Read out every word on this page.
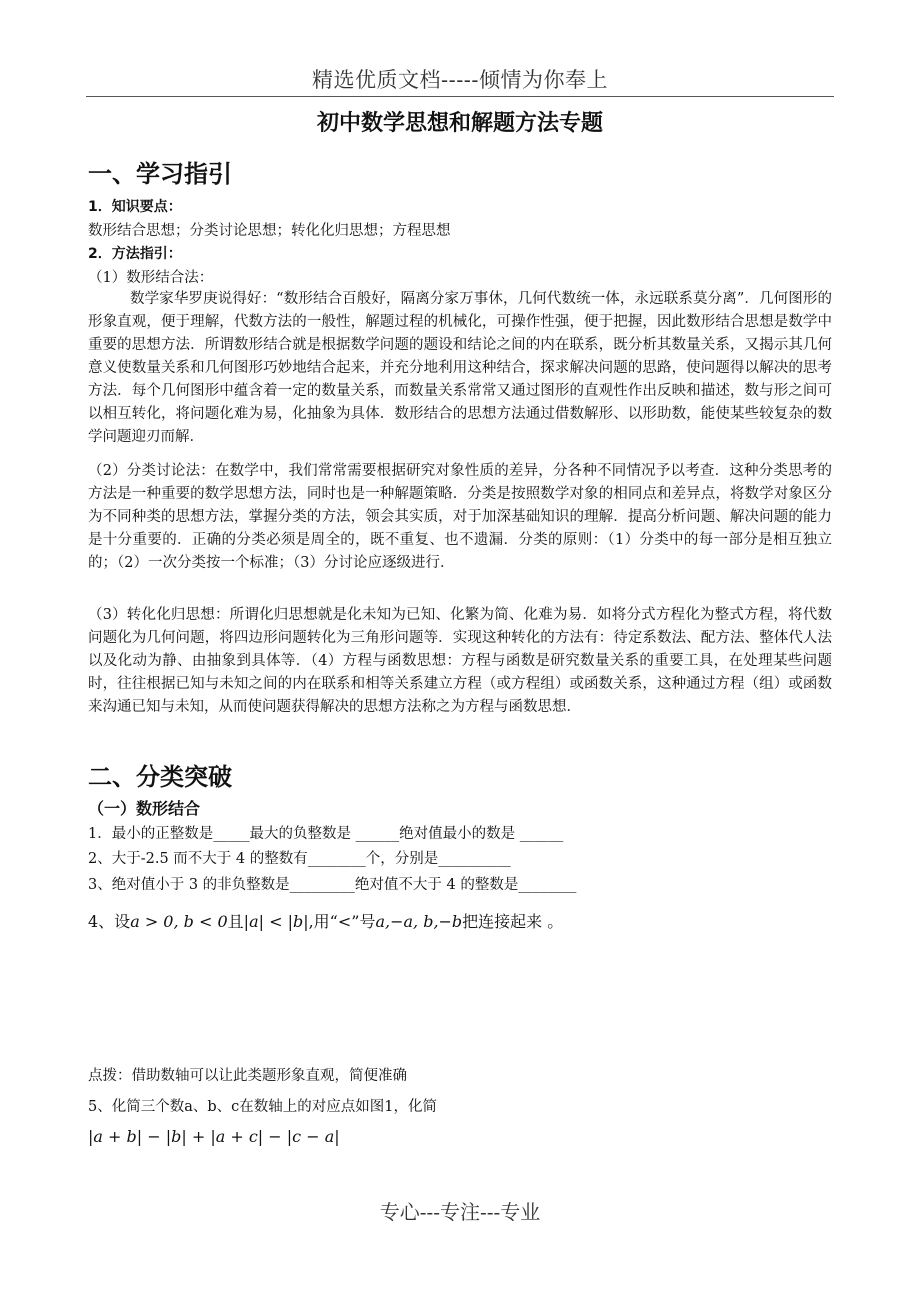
精选优质文档-----倾情为你奉上
初中数学思想和解题方法专题
一、学习指引
1．知识要点：
数形结合思想；分类讨论思想；转化化归思想；方程思想
2．方法指引：
（1）数形结合法：

数学家华罗庚说得好：“数形结合百般好，隔离分家万事休，几何代数统一体，永远联系莫分离”．几何图形的形象直观，便于理解，代数方法的一般性，解题过程的机械化，可操作性强，便于把握，因此数形结合思想是数学中重要的思想方法．所谓数形结合就是根据数学问题的题设和结论之间的内在联系，既分析其数量关系，又揭示其几何意义使数量关系和几何图形巧妙地结合起来，并充分地利用这种结合，探求解决问题的思路，使问题得以解决的思考方法．每个几何图形中蕴含着一定的数量关系，而数量关系常常又通过图形的直观性作出反映和描述，数与形之间可以相互转化，将问题化难为易，化抽象为具体．数形结合的思想方法通过借数解形、以形助数，能使某些较复杂的数学问题迎刃而解．

（2）分类讨论法：在数学中，我们常常需要根据研究对象性质的差异，分各种不同情况予以考查．这种分类思考的方法是一种重要的数学思想方法，同时也是一种解题策略．分类是按照数学对象的相同点和差异点，将数学对象区分为不同种类的思想方法，掌握分类的方法，领会其实质，对于加深基础知识的理解．提高分析问题、解决问题的能力是十分重要的．正确的分类必须是周全的，既不重复、也不遗漏．分类的原则：（1）分类中的每一部分是相互独立的；（2）一次分类按一个标准；（3）分讨论应逐级进行．

（3）转化化归思想：所谓化归思想就是化未知为已知、化繁为简、化难为易．如将分式方程化为整式方程，将代数问题化为几何问题，将四边形问题转化为三角形问题等．实现这种转化的方法有：待定系数法、配方法、整体代人法以及化动为静、由抽象到具体等．（4）方程与函数思想：方程与函数是研究数量关系的重要工具，在处理某些问题时，往往根据已知与未知之间的内在联系和相等关系建立方程（或方程组）或函数关系，这种通过方程（组）或函数来沟通已知与未知，从而使问题获得解决的思想方法称之为方程与函数思想．

二、分类突破
（一）数形结合
1．最小的正整数是_____最大的负整数是 ______绝对值最小的数是 ______
2、大于-2.5 而不大于 4 的整数有________个，分别是__________
3、绝对值小于 3 的非负整数是_________绝对值不大于 4 的整数是________
4、设a > 0, b < 0且|a| < |b|,用“<”号a,−a, b,−b把连接起来 。
点拨：借助数轴可以让此类题形象直观，简便准确
5、化简三个数a、b、c在数轴上的对应点如图1，化简
|a + b| − |b| + |a + c| − |c − a|
专心---专注---专业
